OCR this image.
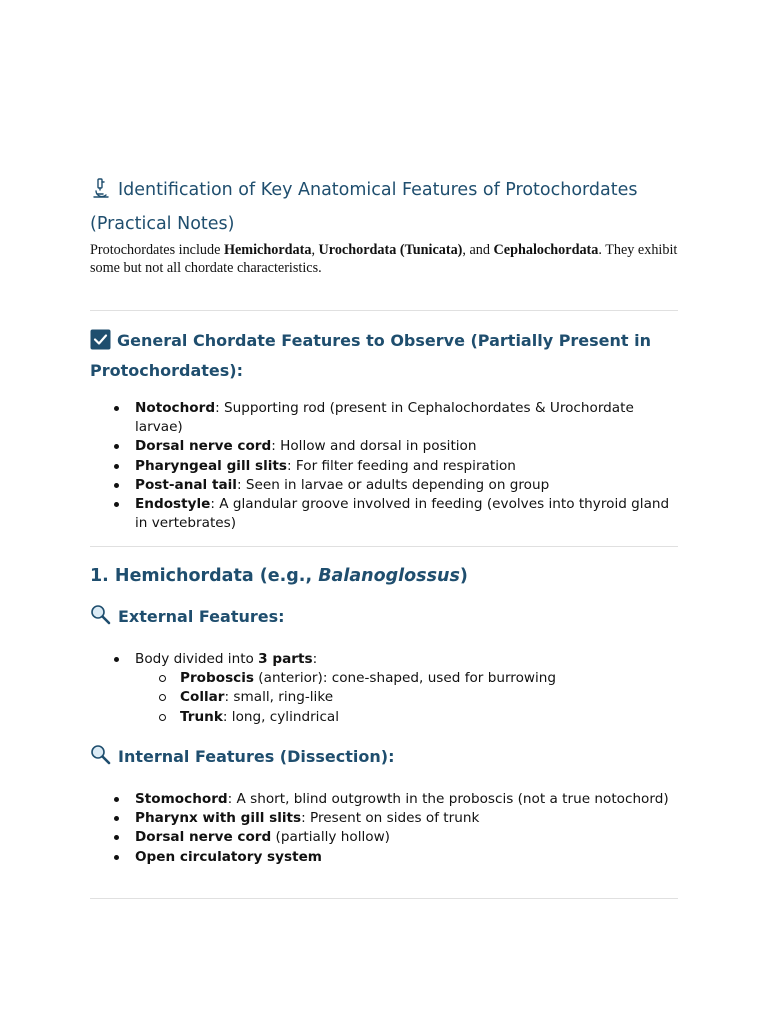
Identification of Key Anatomical Features of Protochordates (Practical Notes)

Protochordates include Hemichordata, Urochordata (Tunicata), and Cephalochordata. They exhibit some but not all chordate characteristics.

General Chordate Features to Observe (Partially Present in Protochordates):
Notochord: Supporting rod (present in Cephalochordates & Urochordate larvae)
Dorsal nerve cord: Hollow and dorsal in position
Pharyngeal gill slits: For filter feeding and respiration
Post-anal tail: Seen in larvae or adults depending on group
Endostyle: A glandular groove involved in feeding (evolves into thyroid gland in vertebrates)
1. Hemichordata (e.g., Balanoglossus)
External Features:
Body divided into 3 parts:
Proboscis (anterior): cone-shaped, used for burrowing
Collar: small, ring-like
Trunk: long, cylindrical
Internal Features (Dissection):
Stomochord: A short, blind outgrowth in the proboscis (not a true notochord)
Pharynx with gill slits: Present on sides of trunk
Dorsal nerve cord (partially hollow)
Open circulatory system
